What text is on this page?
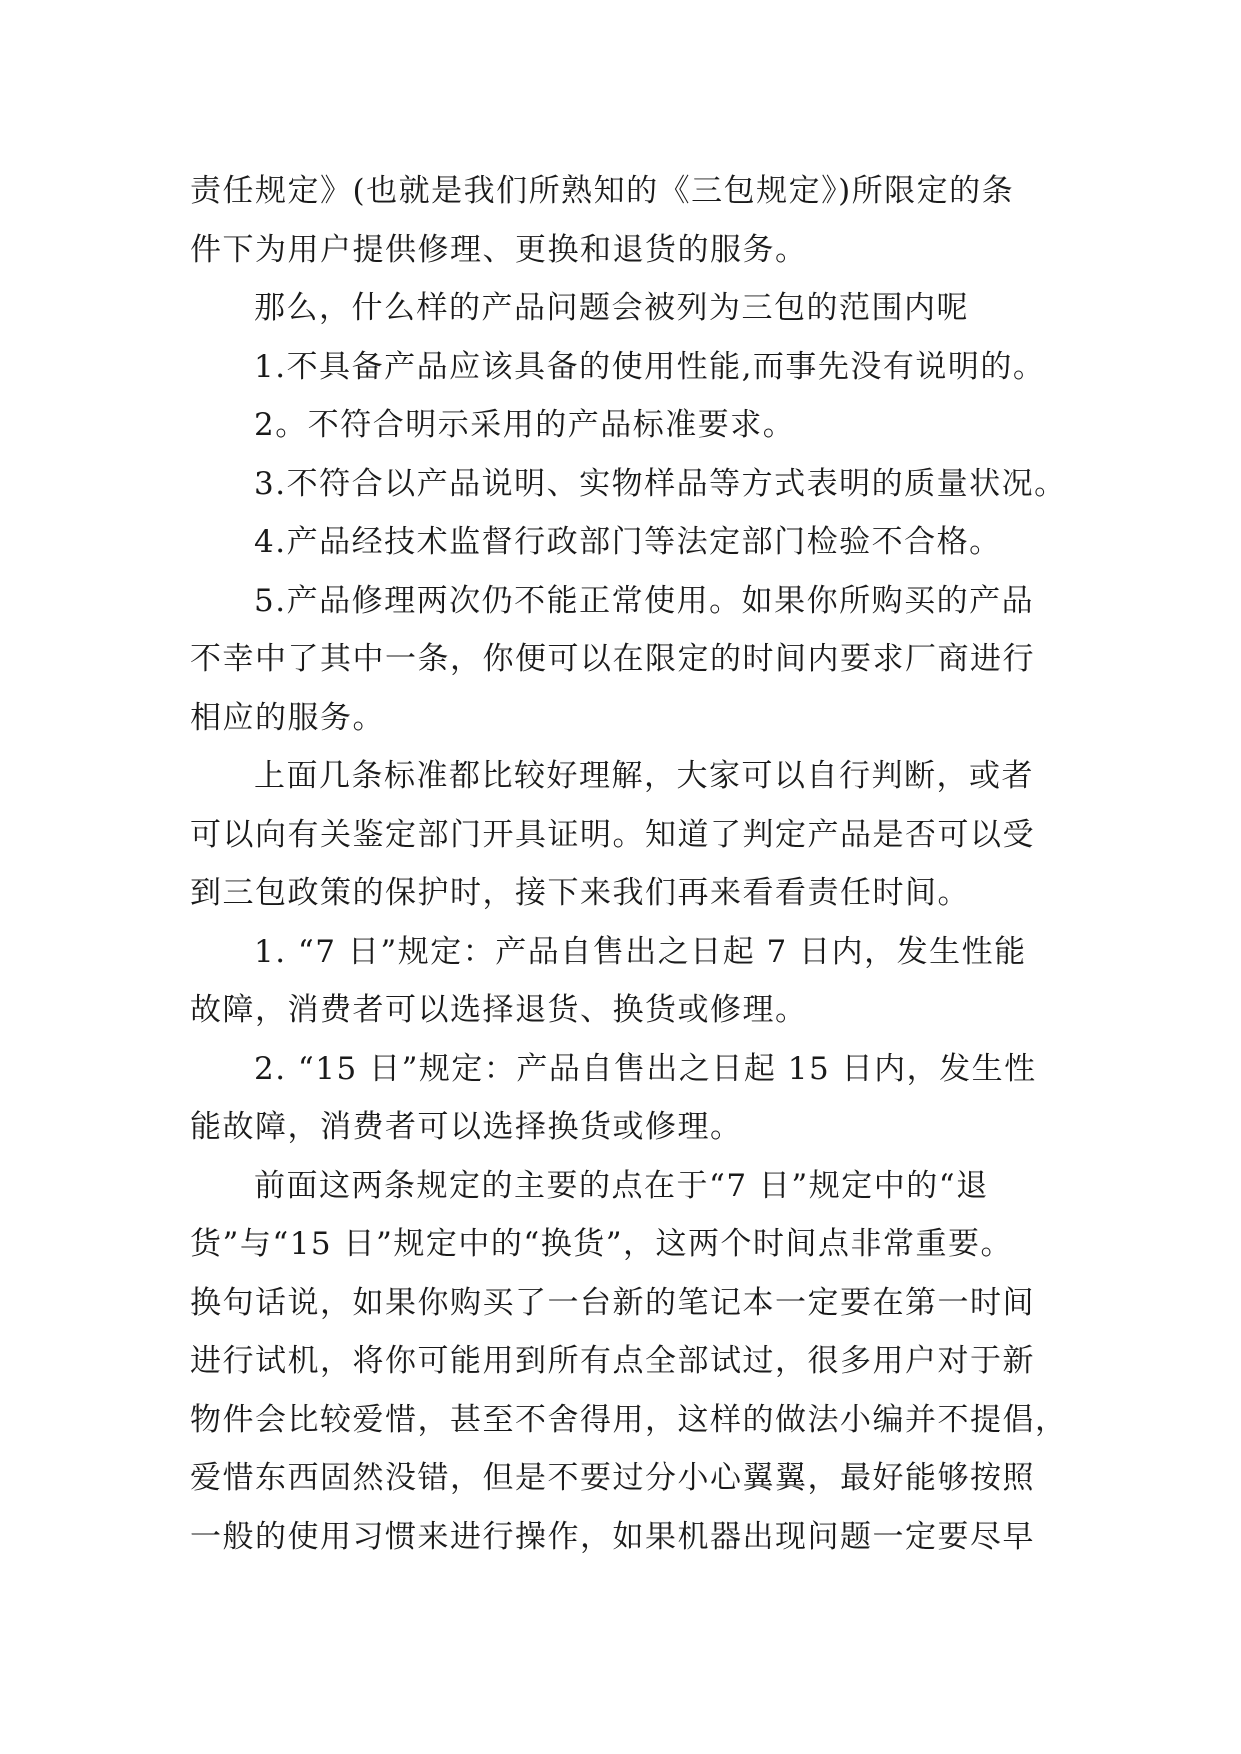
责任规定》(也就是我们所熟知的《三包规定》)所限定的条
件下为用户提供修理、更换和退货的服务。

那么，什么样的产品问题会被列为三包的范围内呢

1.不具备产品应该具备的使用性能,而事先没有说明的。

2。不符合明示采用的产品标准要求。

3.不符合以产品说明、实物样品等方式表明的质量状况。

4.产品经技术监督行政部门等法定部门检验不合格。

5.产品修理两次仍不能正常使用。如果你所购买的产品
不幸中了其中一条，你便可以在限定的时间内要求厂商进行
相应的服务。

上面几条标准都比较好理解，大家可以自行判断，或者
可以向有关鉴定部门开具证明。知道了判定产品是否可以受
到三包政策的保护时，接下来我们再来看看责任时间。

1. “7 日”规定：产品自售出之日起 7 日内，发生性能
故障，消费者可以选择退货、换货或修理。

2. “15 日”规定：产品自售出之日起 15 日内，发生性
能故障，消费者可以选择换货或修理。

前面这两条规定的主要的点在于“7 日”规定中的“退
货”与“15 日”规定中的“换货”，这两个时间点非常重要。
换句话说，如果你购买了一台新的笔记本一定要在第一时间
进行试机，将你可能用到所有点全部试过，很多用户对于新
物件会比较爱惜，甚至不舍得用，这样的做法小编并不提倡，
爱惜东西固然没错，但是不要过分小心翼翼，最好能够按照
一般的使用习惯来进行操作，如果机器出现问题一定要尽早
